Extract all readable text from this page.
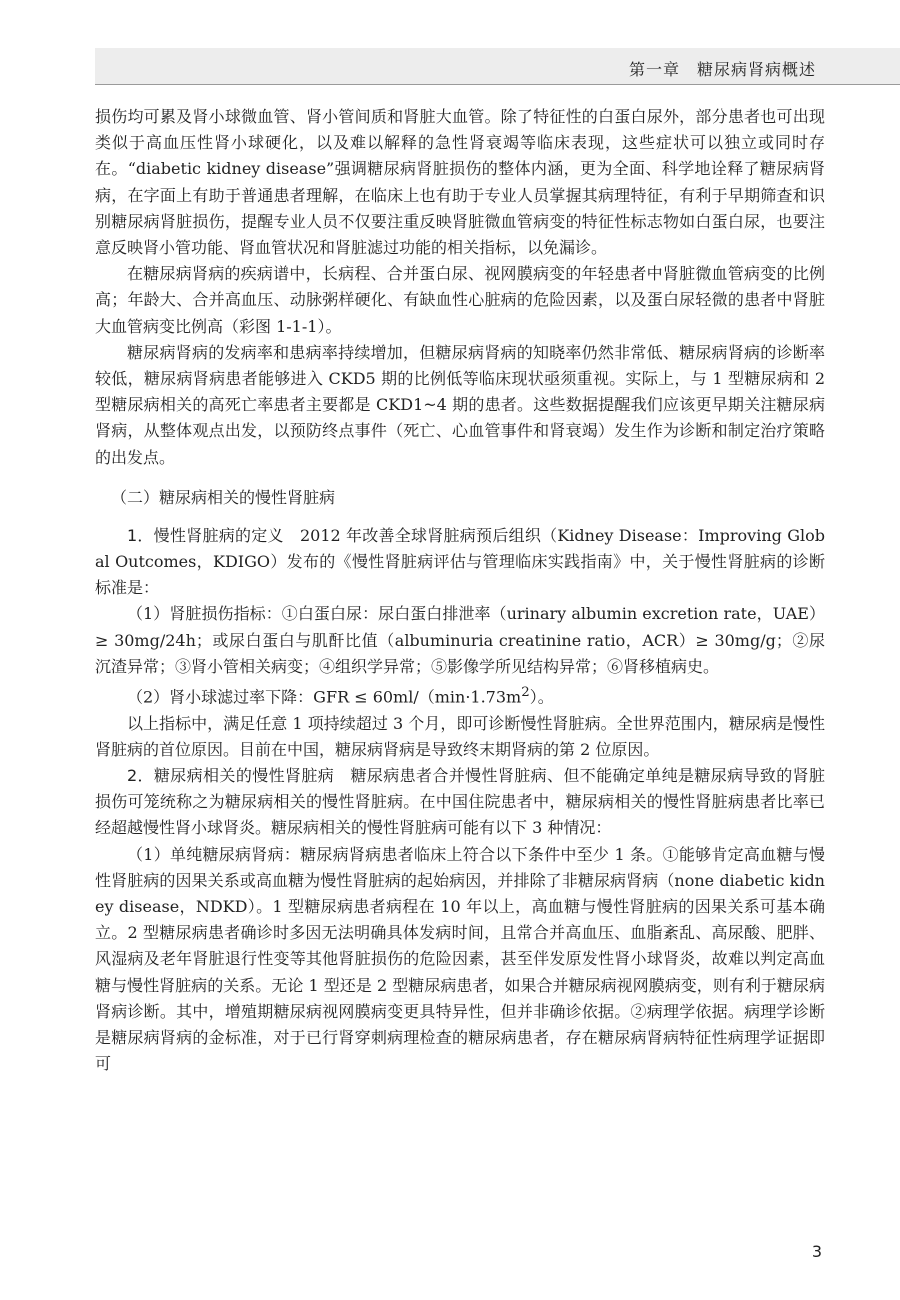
第一章　糖尿病肾病概述

损伤均可累及肾小球微血管、肾小管间质和肾脏大血管。除了特征性的白蛋白尿外，部分患者也可出现类似于高血压性肾小球硬化，以及难以解释的急性肾衰竭等临床表现，这些症状可以独立或同时存在。“diabetic kidney disease”强调糖尿病肾脏损伤的整体内涵，更为全面、科学地诠释了糖尿病肾病，在字面上有助于普通患者理解，在临床上也有助于专业人员掌握其病理特征，有利于早期筛查和识别糖尿病肾脏损伤，提醒专业人员不仅要注重反映肾脏微血管病变的特征性标志物如白蛋白尿，也要注意反映肾小管功能、肾血管状况和肾脏滤过功能的相关指标，以免漏诊。

在糖尿病肾病的疾病谱中，长病程、合并蛋白尿、视网膜病变的年轻患者中肾脏微血管病变的比例高；年龄大、合并高血压、动脉粥样硬化、有缺血性心脏病的危险因素，以及蛋白尿轻微的患者中肾脏大血管病变比例高（彩图 1-1-1）。

糖尿病肾病的发病率和患病率持续增加，但糖尿病肾病的知晓率仍然非常低、糖尿病肾病的诊断率较低，糖尿病肾病患者能够进入 CKD5 期的比例低等临床现状亟须重视。实际上，与 1 型糖尿病和 2 型糖尿病相关的高死亡率患者主要都是 CKD1~4 期的患者。这些数据提醒我们应该更早期关注糖尿病肾病，从整体观点出发，以预防终点事件（死亡、心血管事件和肾衰竭）发生作为诊断和制定治疗策略的出发点。

（二）糖尿病相关的慢性肾脏病

1．慢性肾脏病的定义　2012 年改善全球肾脏病预后组织（Kidney Disease：Improving Global Outcomes，KDIGO）发布的《慢性肾脏病评估与管理临床实践指南》中，关于慢性肾脏病的诊断标准是：

（1）肾脏损伤指标：①白蛋白尿：尿白蛋白排泄率（urinary albumin excretion rate，UAE）≥ 30mg/24h；或尿白蛋白与肌酐比值（albuminuria creatinine ratio，ACR）≥ 30mg/g；②尿沉渣异常；③肾小管相关病变；④组织学异常；⑤影像学所见结构异常；⑥肾移植病史。

（2）肾小球滤过率下降：GFR ≤ $60ml/(\min\cdot 1.73m^2)$。

以上指标中，满足任意 1 项持续超过 3 个月，即可诊断慢性肾脏病。全世界范围内，糖尿病是慢性肾脏病的首位原因。目前在中国，糖尿病肾病是导致终末期肾病的第 2 位原因。

2．糖尿病相关的慢性肾脏病　糖尿病患者合并慢性肾脏病、但不能确定单纯是糖尿病导致的肾脏损伤可笼统称之为糖尿病相关的慢性肾脏病。在中国住院患者中，糖尿病相关的慢性肾脏病患者比率已经超越慢性肾小球肾炎。糖尿病相关的慢性肾脏病可能有以下 3 种情况：

（1）单纯糖尿病肾病：糖尿病肾病患者临床上符合以下条件中至少 1 条。①能够肯定高血糖与慢性肾脏病的因果关系或高血糖为慢性肾脏病的起始病因，并排除了非糖尿病肾病（none diabetic kidney disease，NDKD）。1 型糖尿病患者病程在 10 年以上，高血糖与慢性肾脏病的因果关系可基本确立。2 型糖尿病患者确诊时多因无法明确具体发病时间，且常合并高血压、血脂紊乱、高尿酸、肥胖、风湿病及老年肾脏退行性变等其他肾脏损伤的危险因素，甚至伴发原发性肾小球肾炎，故难以判定高血糖与慢性肾脏病的关系。无论 1 型还是 2 型糖尿病患者，如果合并糖尿病视网膜病变，则有利于糖尿病肾病诊断。其中，增殖期糖尿病视网膜病变更具特异性，但并非确诊依据。②病理学依据。病理学诊断是糖尿病肾病的金标准，对于已行肾穿刺病理检查的糖尿病患者，存在糖尿病肾病特征性病理学证据即可

3
